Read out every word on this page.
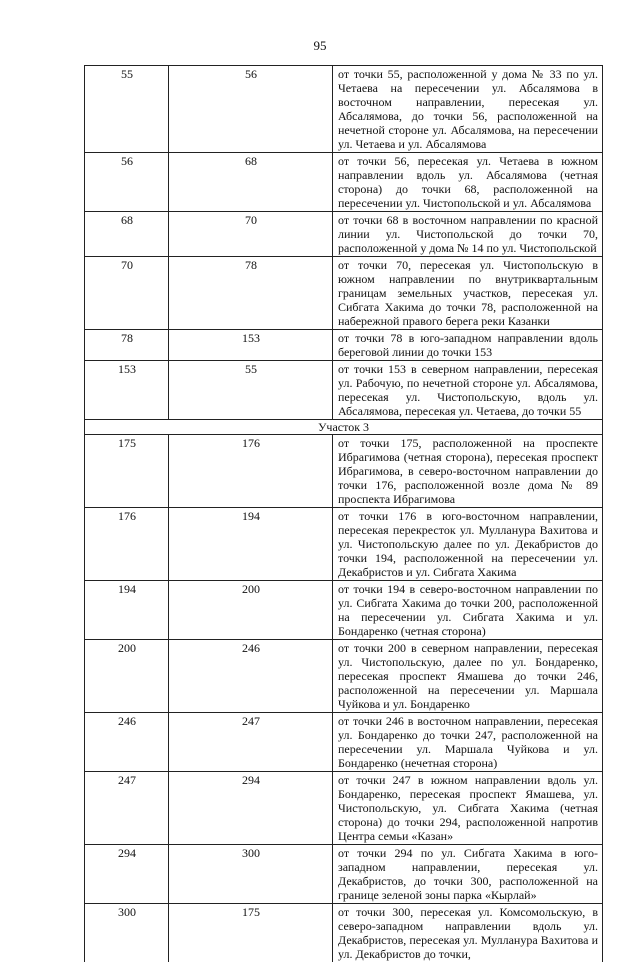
95
55	56	от точки 55, расположенной у дома № 33 по ул. Четаева на пересечении ул. Абсалямова в восточном направлении, пересекая ул. Абсалямова, до точки 56, расположенной на нечетной стороне ул. Абсалямова, на пересечении ул. Четаева и ул. Абсалямова
56	68	от точки 56, пересекая ул. Четаева в южном направлении вдоль ул. Абсалямова (четная сторона) до точки 68, расположенной на пересечении ул. Чистопольской и ул. Абсалямова
68	70	от точки 68 в восточном направлении по красной линии ул. Чистопольской до точки 70, расположенной у дома № 14 по ул. Чистопольской
70	78	от точки 70, пересекая ул. Чистопольскую в южном направлении по внутриквартальным границам земельных участков, пересекая ул. Сибгата Хакима до точки 78, расположенной на набережной правого берега реки Казанки
78	153	от точки 78 в юго-западном направлении вдоль береговой линии до точки 153
153	55	от точки 153 в северном направлении, пересекая ул. Рабочую, по нечетной стороне ул. Абсалямова, пересекая ул. Чистопольскую, вдоль ул. Абсалямова, пересекая ул. Четаева, до точки 55
Участок 3		
175	176	от точки 175, расположенной на проспекте Ибрагимова (четная сторона), пересекая проспект Ибрагимова, в северо-восточном направлении до точки 176, расположенной возле дома № 89 проспекта Ибрагимова
176	194	от точки 176 в юго-восточном направлении, пересекая перекресток ул. Мулланура Вахитова и ул. Чистопольскую далее по ул. Декабристов до точки 194, расположенной на пересечении ул. Декабристов и ул. Сибгата Хакима
194	200	от точки 194 в северо-восточном направлении по ул. Сибгата Хакима до точки 200, расположенной на пересечении ул. Сибгата Хакима и ул. Бондаренко (четная сторона)
200	246	от точки 200 в северном направлении, пересекая ул. Чистопольскую, далее по ул. Бондаренко, пересекая проспект Ямашева до точки 246, расположенной на пересечении ул. Маршала Чуйкова и ул. Бондаренко
246	247	от точки 246 в восточном направлении, пересекая ул. Бондаренко до точки 247, расположенной на пересечении ул. Маршала Чуйкова и ул. Бондаренко (нечетная сторона)
247	294	от точки 247 в южном направлении вдоль ул. Бондаренко, пересекая проспект Ямашева, ул. Чистопольскую, ул. Сибгата Хакима (четная сторона) до точки 294, расположенной напротив Центра семьи «Казан»
294	300	от точки 294 по ул. Сибгата Хакима в юго-западном направлении, пересекая ул. Декабристов, до точки 300, расположенной на границе зеленой зоны парка «Кырлай»
300	175	от точки 300, пересекая ул. Комсомольскую, в северо-западном направлении вдоль ул. Декабристов, пересекая ул. Мулланура Вахитова и ул. Декабристов до точки,
